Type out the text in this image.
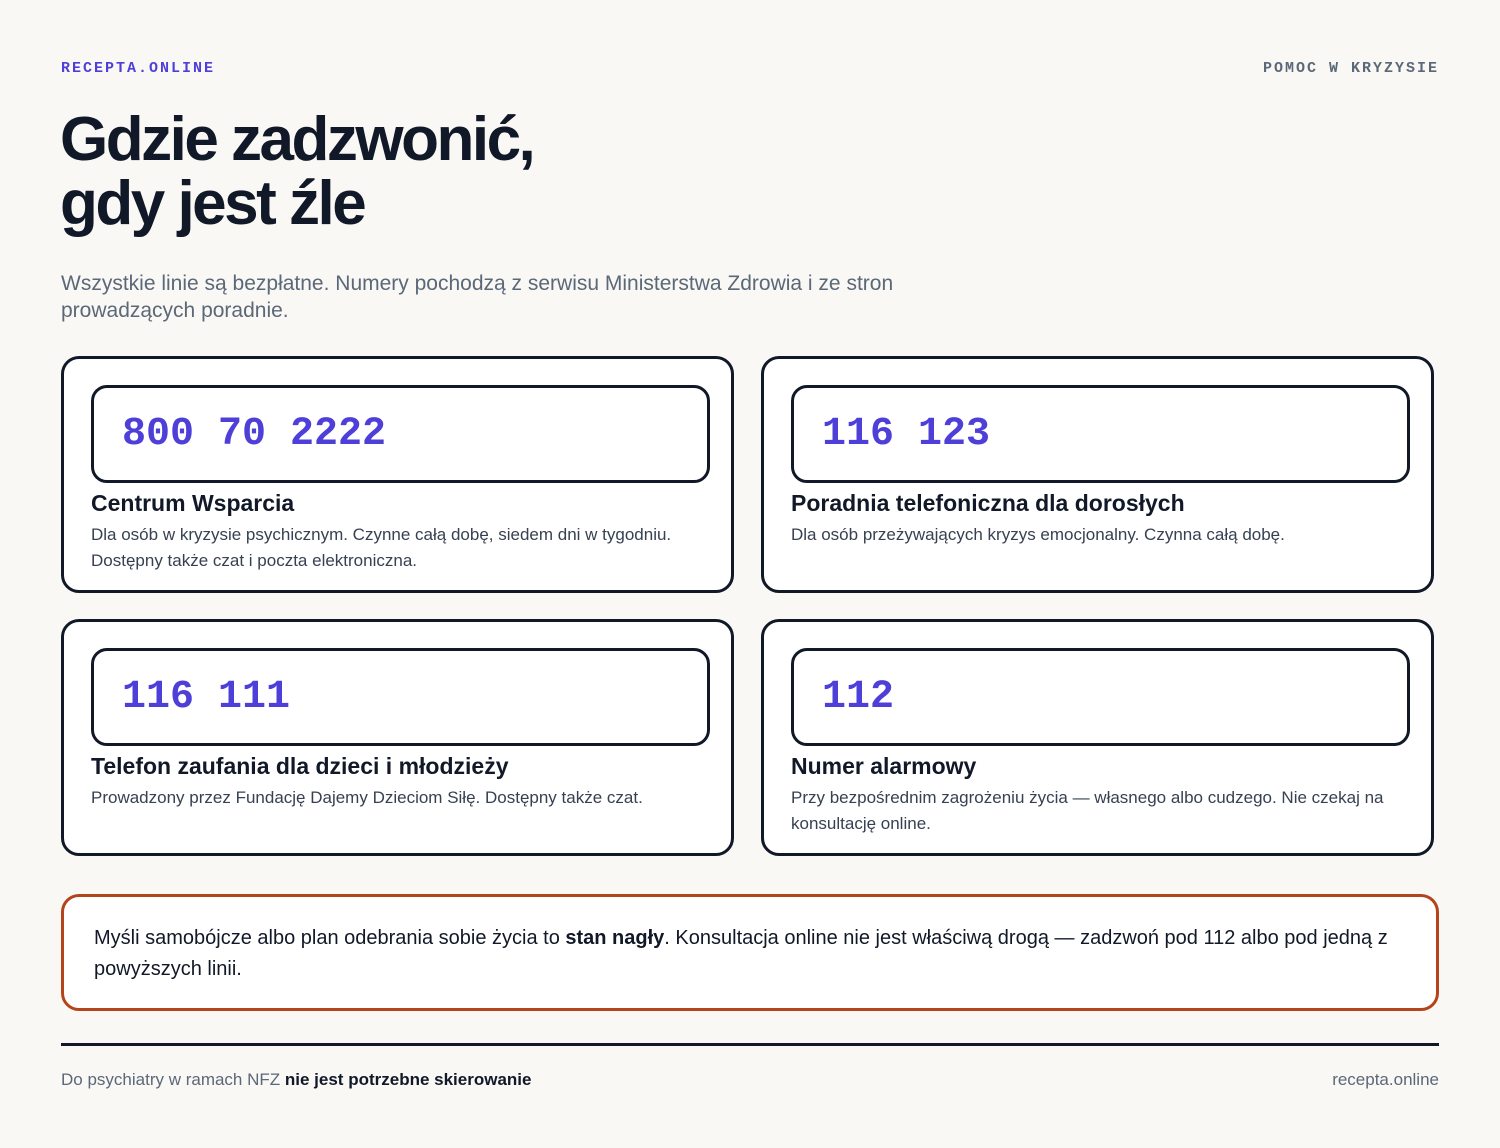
RECEPTA.ONLINE	POMOC W KRYZYSIE
Gdzie zadzwonić,
gdy jest źle

Wszystkie linie są bezpłatne. Numery pochodzą z serwisu Ministerstwa Zdrowia i ze stron prowadzących poradnie.

800 70 2222
Centrum Wsparcia
Dla osób w kryzysie psychicznym. Czynne całą dobę, siedem dni w tygodniu. Dostępny także czat i poczta elektroniczna.
116 123
Poradnia telefoniczna dla dorosłych
Dla osób przeżywających kryzys emocjonalny. Czynna całą dobę.
116 111
Telefon zaufania dla dzieci i młodzieży
Prowadzony przez Fundację Dajemy Dzieciom Siłę. Dostępny także czat.
112
Numer alarmowy
Przy bezpośrednim zagrożeniu życia — własnego albo cudzego. Nie czekaj na konsultację online.
Myśli samobójcze albo plan odebrania sobie życia to stan nagły. Konsultacja online nie jest właściwą drogą — zadzwoń pod 112 albo pod jedną z powyższych linii.
Do psychiatry w ramach NFZ nie jest potrzebne skierowanie	recepta.online
